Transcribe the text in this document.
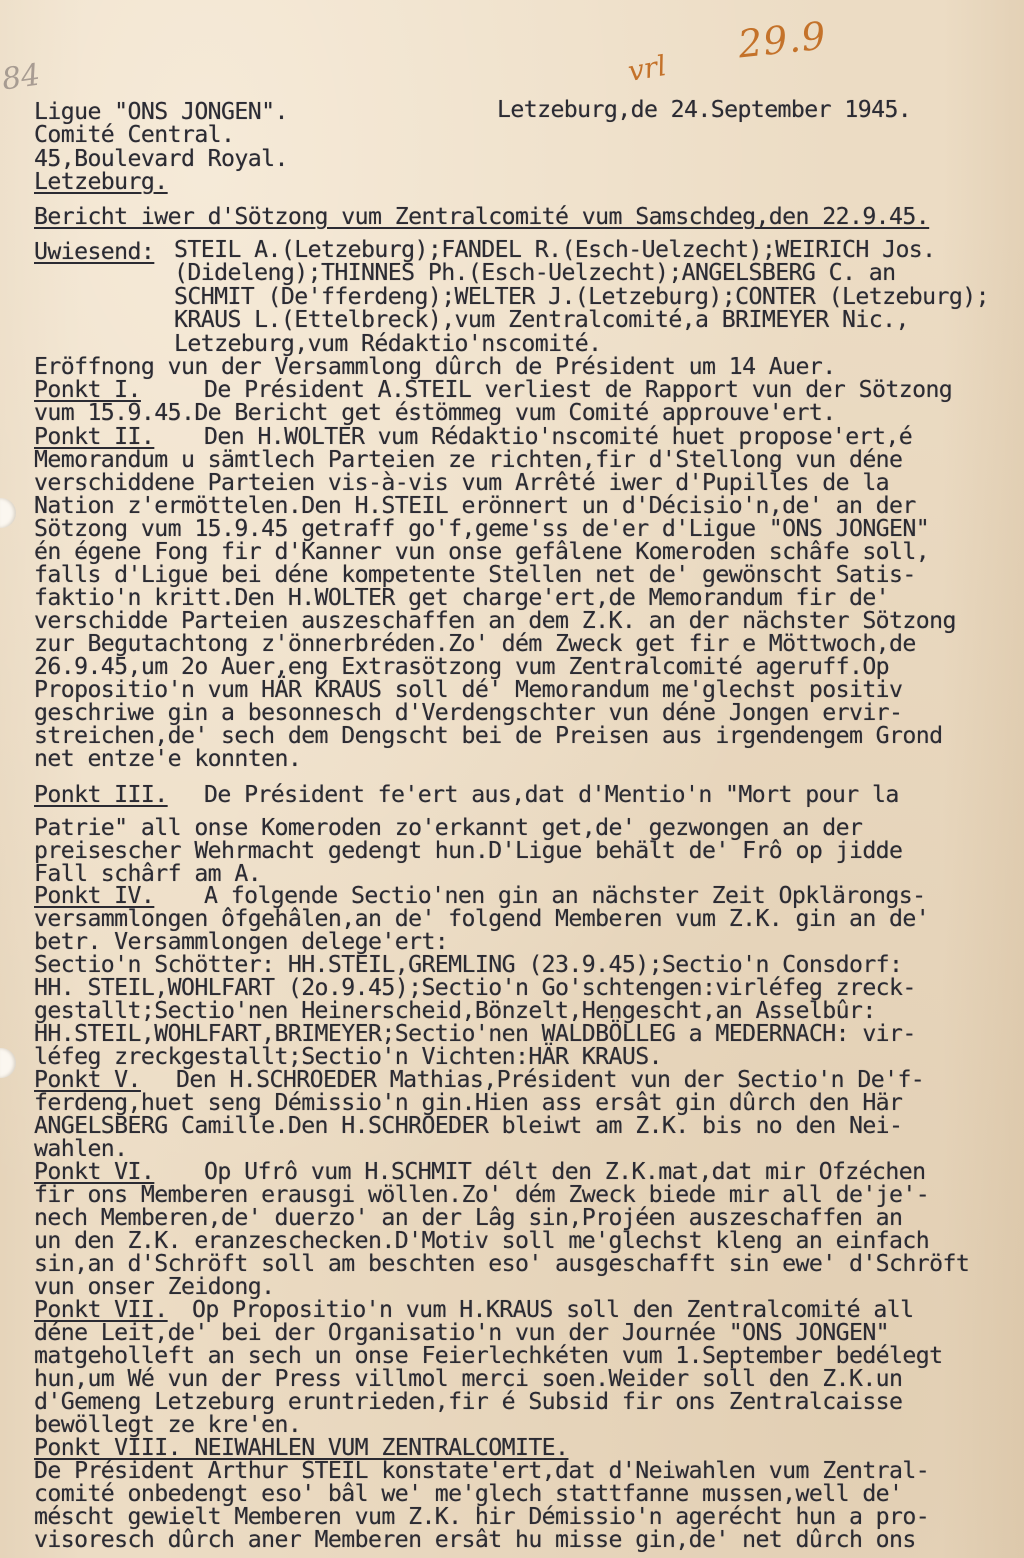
84	vrl
29.9
Ligue "ONS JONGEN".
Comité Central.
45,Boulevard Royal.
Letzeburg.
Letzeburg,de 24.September 1945.
Bericht iwer d'Sötzong vum Zentralcomité vum Samschdeg,den 22.9.45.
Uwiesend: STEIL A.(Letzeburg);FANDEL R.(Esch-Uelzecht);WEIRICH Jos.
(Dideleng);THINNES Ph.(Esch-Uelzecht);ANGELSBERG C. an
SCHMIT (De'fferdeng);WELTER J.(Letzeburg);CONTER (Letzeburg);
KRAUS L.(Ettelbreck),vum Zentralcomité,a BRIMEYER Nic.,
Letzeburg,vum Rédaktio'nscomité.
Eröffnong vun der Versammlong dûrch de Président um 14 Auer.
Ponkt I.	De Président A.STEIL verliest de Rapport vun der Sötzong
vum 15.9.45.De Bericht get éstömmeg vum Comité approuve'ert.
Ponkt II. Den H.WOLTER vum Rédaktio'nscomité huet propose'ert,é
Memorandum u sämtlech Parteien ze richten,fir d'Stellong vun déne
verschiddene Parteien vis-à-vis vum Arrêté iwer d'Pupilles de la
Nation z'ermöttelen.Den H.STEIL erönnert un d'Décisio'n,de' an der
Sötzong vum 15.9.45 getraff go'f,geme'ss de'er d'Ligue "ONS JONGEN"
én égene Fong fir d'Kanner vun onse gefâlene Komeroden schâfe soll,
falls d'Ligue bei déne kompetente Stellen net de' gewönscht Satis-
faktio'n kritt.Den H.WOLTER get charge'ert,de Memorandum fir de'
verschidde Parteien auszeschaffen an dem Z.K. an der nächster Sötzong
zur Begutachtong z'önnerbréden.Zo' dém Zweck get fir e Möttwoch,de
26.9.45,um 2o Auer,eng Extrasötzong vum Zentralcomité ageruff.Op
Propositio'n vum HÄR KRAUS soll dé' Memorandum me'glechst positiv
geschriwe gin a besonnesch d'Verdengschter vun déne Jongen ervir-
streichen,de' sech dem Dengscht bei de Preisen aus irgendengem Grond
net entze'e konnten.
Ponkt III. De Président fe'ert aus,dat d'Mentio'n "Mort pour la
Patrie" all onse Komeroden zo'erkannt get,de' gezwongen an der
preisescher Wehrmacht gedengt hun.D'Ligue behält de' Frô op jidde
Fall schârf am A.
Ponkt IV. A folgende Sectio'nen gin an nächster Zeit Opklärongs-
versammlongen ôfgehâlen,an de' folgend Memberen vum Z.K. gin an de'
betr. Versammlongen delege'ert:
Sectio'n Schötter: HH.STEIL,GREMLING (23.9.45);Sectio'n Consdorf:
HH. STEIL,WOHLFART (2o.9.45);Sectio'n Go'schtengen:virléfeg zreck-
gestallt;Sectio'nen Heinerscheid,Bönzelt,Hengescht,an Asselbûr:
HH.STEIL,WOHLFART,BRIMEYER;Sectio'nen WALDBÖLLEG a MEDERNACH: vir-
léfeg zreckgestallt;Sectio'n Vichten:HÄR KRAUS.
Ponkt V. Den H.SCHROEDER Mathias,Président vun der Sectio'n De'f-
ferdeng,huet seng Démissio'n gin.Hien ass ersât gin dûrch den Här
ANGELSBERG Camille.Den H.SCHROEDER bleiwt am Z.K. bis no den Nei-
wahlen.
Ponkt VI. Op Ufrô vum H.SCHMIT délt den Z.K.mat,dat mir Ofzéchen
fir ons Memberen erausgi wöllen.Zo' dém Zweck biede mir all de'je'-
nech Memberen,de' duerzo' an der Lâg sin,Projéen auszeschaffen an
un den Z.K. eranzeschecken.D'Motiv soll me'glechst kleng an einfach
sin,an d'Schröft soll am beschten eso' ausgeschafft sin ewe' d'Schröft
vun onser Zeidong.
Ponkt VII. Op Propositio'n vum H.KRAUS soll den Zentralcomité all
déne Leit,de' bei der Organisatio'n vun der Journée "ONS JONGEN"
matgeholleft an sech un onse Feierlechkéten vum 1.September bedélegt
hun,um Wé vun der Press villmol merci soen.Weider soll den Z.K.un
d'Gemeng Letzeburg eruntrieden,fir é Subsid fir ons Zentralcaisse
bewöllegt ze kre'en.
Ponkt VIII. NEIWAHLEN VUM ZENTRALCOMITE.
De Président Arthur STEIL konstate'ert,dat d'Neiwahlen vum Zentral-
comité onbedengt eso' bâl we' me'glech stattfanne mussen,well de'
méscht gewielt Memberen vum Z.K. hir Démissio'n agerécht hun a pro-
visoresch dûrch aner Memberen ersât hu misse gin,de' net dûrch ons
